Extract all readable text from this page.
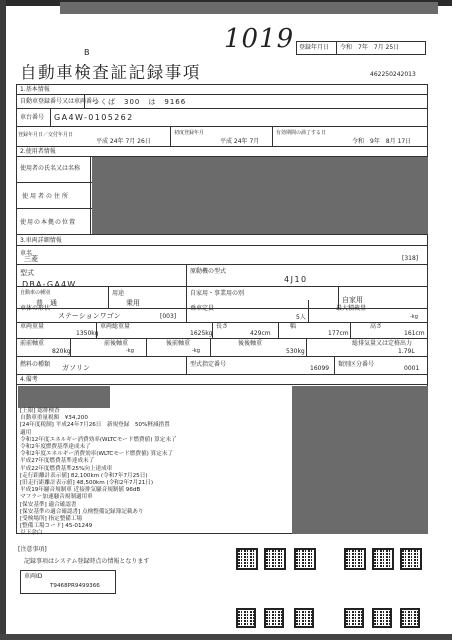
1019
B
自動車検査証記録事項
登録年月日 令和　7年　7月 25日
462250242013
1.基本情報
自動車登録番号又は車両番号
つくば　300　は　9166
車台番号 GA4W-0105262
登録年月日／交付年月日
平成 24年 7月 26日
初度登録年月
平成 24年 7月
有効期間の満了する日
令和　9年　8月 17日
2.使用者情報
使用者の氏名又は名称
使用者の住所
使用の本拠の位置
3.車両詳細情報
車名
三菱	[318]
型式
DBA-GA4W
原動機の型式
4J10
自動車の種別
普　通
用途
乗用
自家用・事業用の別
自家用
車体の形状
ステーションワゴン	[003]
乗車定員
5人
最大積載量
-kg
車両重量
1350kg
車両総重量
1625kg
長さ
429cm
幅
177cm
高さ
161cm
前前軸重
820kg
前後軸重
-kg
後前軸重
-kg
後後軸重
530kg
総排気量又は定格出力
1.79L
燃料の種類 ガソリン	型式指定番号
16099
類別区分番号
0001
4.備考
[上限] 総排検査
自動車重量税額　¥34,200
[24年度税制] 平成24年7月26日　新規登録　50%軽減措置
適用
令和12年度エネルギー消費効率(WLTCモード燃費値) 算定未了
令和2年度燃費基準達成未了
令和2年度エネルギー消費効率(WLTCモード燃費値) 算定未了
平成27年度燃費基準達成未了
平成22年度燃費基準25%向上達成車
[走行距離計表示値] 82,100km (令和7年7月25日)
[旧走行距離計表示値] 48,500km (令和2年7月21日)
平成19年騒音規制車 近接排気騒音規制値 96dB
マフラー加速騒音規制適用車
[保安基準] 適合確認書
[保安基準の適合確認書] 点検整備記録簿記載あり
[受検場所] 指定整備工場
[整備工場コード] 45-01249
以下余白
[注意事項]
記録事項はシステム登録時点の情報となります
車両ID
T9468PR9499366
